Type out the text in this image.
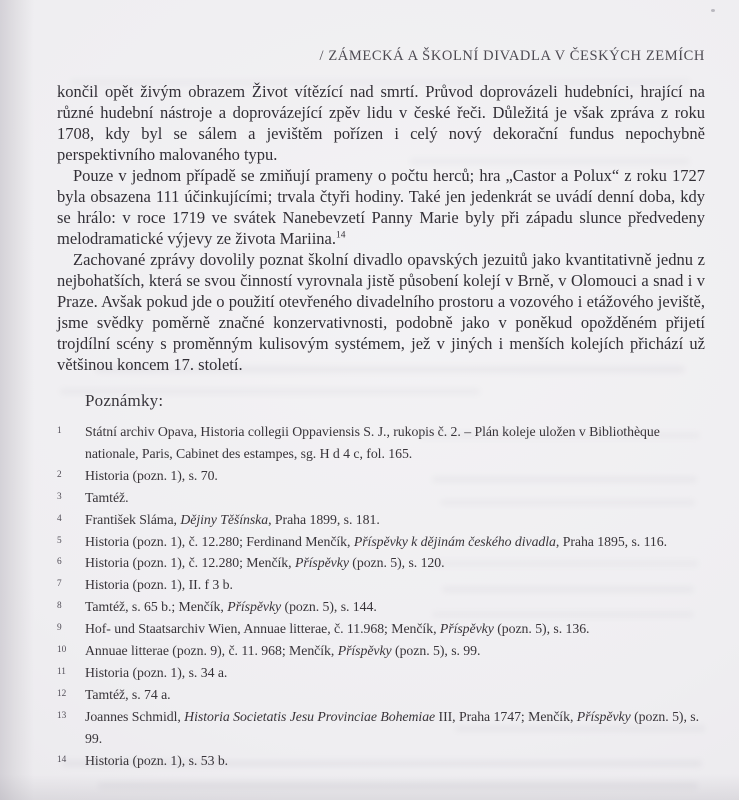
/ ZÁMECKÁ A ŠKOLNÍ DIVADLA V ČESKÝCH ZEMÍCH

končil opět živým obrazem Život vítězící nad smrtí. Průvod doprovázeli hudebníci, hrající na různé hudební nástroje a doprovázející zpěv lidu v české řeči. Důležitá je však zpráva z roku 1708, kdy byl se sálem a jevištěm pořízen i celý nový dekorační fundus nepochybně perspektivního malovaného typu.

Pouze v jednom případě se zmiňují prameny o počtu herců; hra „Castor a Polux“ z roku 1727 byla obsazena 111 účinkujícími; trvala čtyři hodiny. Také jen jedenkrát se uvádí denní doba, kdy se hrálo: v roce 1719 ve svátek Nanebevzetí Panny Marie byly při západu slunce předvedeny melodramatické výjevy ze života Mariina.$^{14}$

Zachované zprávy dovolily poznat školní divadlo opavských jezuitů jako kvantitativně jednu z nejbohatších, která se svou činností vyrovnala jistě působení kolejí v Brně, v Olomouci a snad i v Praze. Avšak pokud jde o použití otevřeného divadelního prostoru a vozového i etážového jeviště, jsme svědky poměrně značné konzervativnosti, podobně jako v poněkud opožděném přijetí trojdílní scény s proměnným kulisovým systémem, jež v jiných i menších kolejích přichází už většinou koncem 17. století.

Poznámky:
1	Státní archiv Opava, Historia collegii Oppaviensis S. J., rukopis č. 2. – Plán koleje uložen v Bibliothèque nationale, Paris, Cabinet des estampes, sg. H d 4 c, fol. 165.
2	Historia (pozn. 1), s. 70.
3	Tamtéž.
4	František Sláma, Dějiny Těšínska, Praha 1899, s. 181.
5	Historia (pozn. 1), č. 12.280; Ferdinand Menčík, Příspěvky k dějinám českého divadla, Praha 1895, s. 116.
6	Historia (pozn. 1), č. 12.280; Menčík, Příspěvky (pozn. 5), s. 120.
7	Historia (pozn. 1), II. f 3 b.
8	Tamtéž, s. 65 b.; Menčík, Příspěvky (pozn. 5), s. 144.
9	Hof- und Staatsarchiv Wien, Annuae litterae, č. 11.968; Menčík, Příspěvky (pozn. 5), s. 136.
10	Annuae litterae (pozn. 9), č. 11. 968; Menčík, Příspěvky (pozn. 5), s. 99.
11	Historia (pozn. 1), s. 34 a.
12	Tamtéž, s. 74 a.
13	Joannes Schmidl, Historia Societatis Jesu Provinciae Bohemiae III, Praha 1747; Menčík, Příspěvky (pozn. 5), s. 99.
14	Historia (pozn. 1), s. 53 b.
